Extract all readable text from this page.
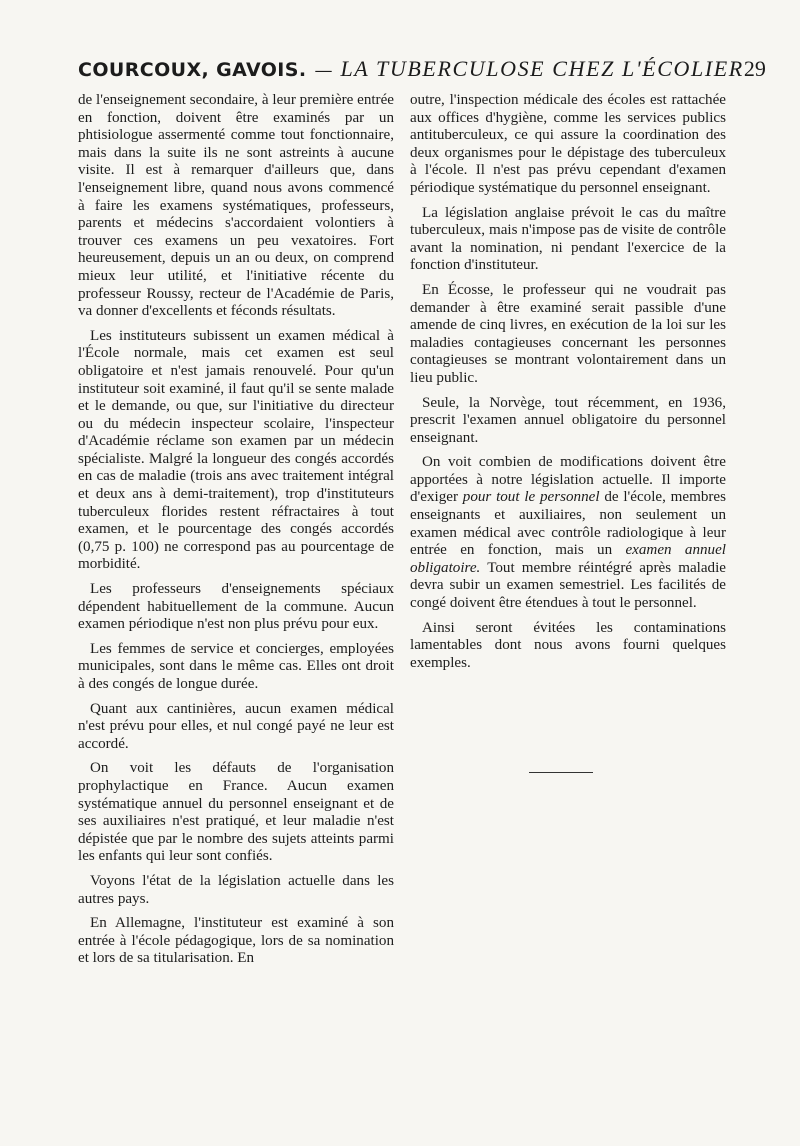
COURCOUX, GAVOIS. — LA TUBERCULOSE CHEZ L'ÉCOLIER 29

de l'enseignement secondaire, à leur première entrée en fonction, doivent être examinés par un phtisiologue assermenté comme tout fonctionnaire, mais dans la suite ils ne sont astreints à aucune visite. Il est à remarquer d'ailleurs que, dans l'enseignement libre, quand nous avons commencé à faire les examens systématiques, professeurs, parents et médecins s'accordaient volontiers à trouver ces examens un peu vexatoires. Fort heureusement, depuis un an ou deux, on comprend mieux leur utilité, et l'initiative récente du professeur Roussy, recteur de l'Académie de Paris, va donner d'excellents et féconds résultats.

Les instituteurs subissent un examen médical à l'École normale, mais cet examen est seul obligatoire et n'est jamais renouvelé. Pour qu'un instituteur soit examiné, il faut qu'il se sente malade et le demande, ou que, sur l'initiative du directeur ou du médecin inspecteur scolaire, l'inspecteur d'Académie réclame son examen par un médecin spécialiste. Malgré la longueur des congés accordés en cas de maladie (trois ans avec traitement intégral et deux ans à demi-traitement), trop d'instituteurs tuberculeux florides restent réfractaires à tout examen, et le pourcentage des congés accordés (0,75 p. 100) ne correspond pas au pourcentage de morbidité.

Les professeurs d'enseignements spéciaux dépendent habituellement de la commune. Aucun examen périodique n'est non plus prévu pour eux.

Les femmes de service et concierges, employées municipales, sont dans le même cas. Elles ont droit à des congés de longue durée.

Quant aux cantinières, aucun examen médical n'est prévu pour elles, et nul congé payé ne leur est accordé.

On voit les défauts de l'organisation prophylactique en France. Aucun examen systématique annuel du personnel enseignant et de ses auxiliaires n'est pratiqué, et leur maladie n'est dépistée que par le nombre des sujets atteints parmi les enfants qui leur sont confiés.

Voyons l'état de la législation actuelle dans les autres pays.

En Allemagne, l'instituteur est examiné à son entrée à l'école pédagogique, lors de sa nomination et lors de sa titularisation. En

outre, l'inspection médicale des écoles est rattachée aux offices d'hygiène, comme les services publics antituberculeux, ce qui assure la coordination des deux organismes pour le dépistage des tuberculeux à l'école. Il n'est pas prévu cependant d'examen périodique systématique du personnel enseignant.

La législation anglaise prévoit le cas du maître tuberculeux, mais n'impose pas de visite de contrôle avant la nomination, ni pendant l'exercice de la fonction d'instituteur.

En Écosse, le professeur qui ne voudrait pas demander à être examiné serait passible d'une amende de cinq livres, en exécution de la loi sur les maladies contagieuses concernant les personnes contagieuses se montrant volontairement dans un lieu public.

Seule, la Norvège, tout récemment, en 1936, prescrit l'examen annuel obligatoire du personnel enseignant.

On voit combien de modifications doivent être apportées à notre législation actuelle. Il importe d'exiger pour tout le personnel de l'école, membres enseignants et auxiliaires, non seulement un examen médical avec contrôle radiologique à leur entrée en fonction, mais un examen annuel obligatoire. Tout membre réintégré après maladie devra subir un examen semestriel. Les facilités de congé doivent être étendues à tout le personnel.

Ainsi seront évitées les contaminations lamentables dont nous avons fourni quelques exemples.
